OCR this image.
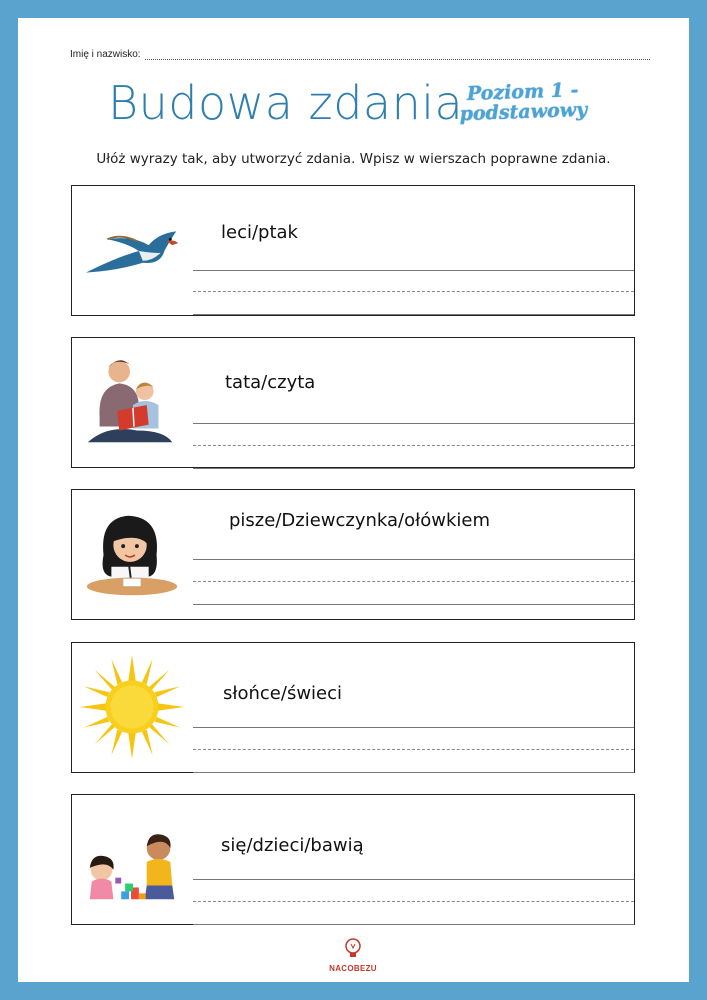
Imię i nazwisko:
Budowa zdania Poziom 1 - podstawowy
Ułóż wyrazy tak, aby utworzyć zdania. Wpisz w wierszach poprawne zdania.
leci/ptak
tata/czyta
pisze/Dziewczynka/ołówkiem
słońce/świeci
się/dzieci/bawią
NACOBEZU
